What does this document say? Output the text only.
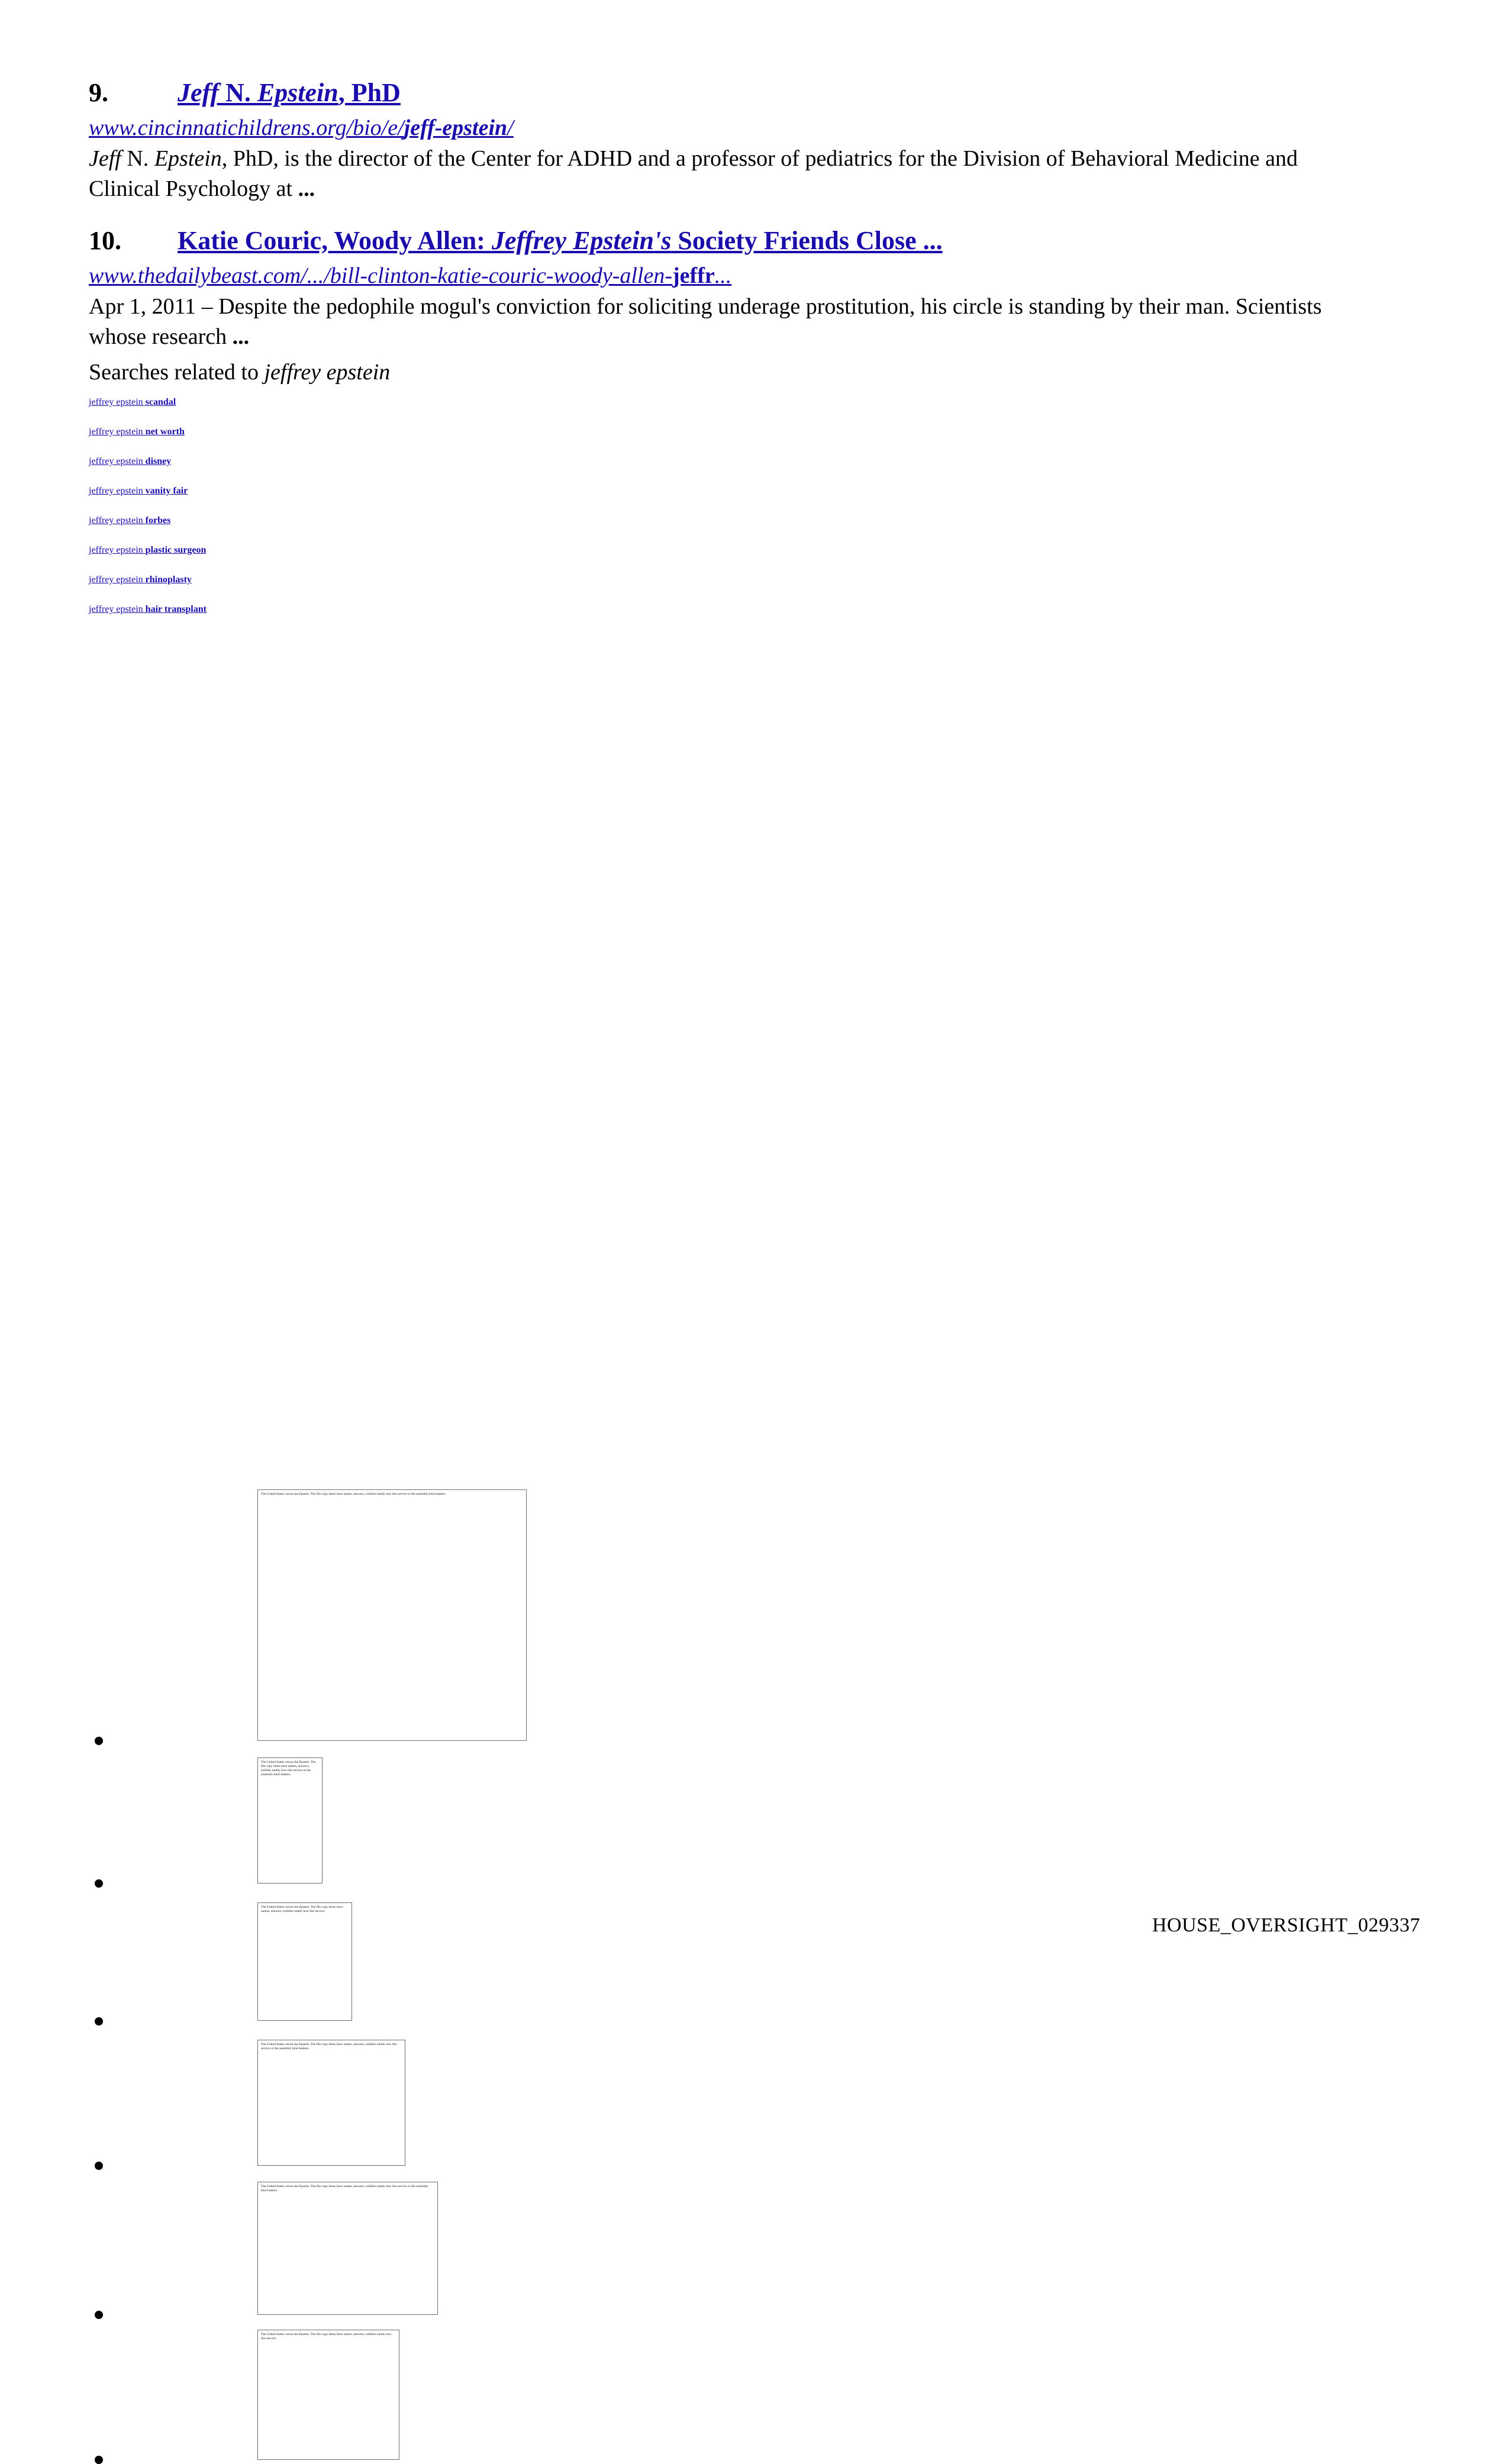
9.	Jeff N. Epstein, PhD
www.cincinnatichildrens.org/bio/e/jeff-epstein/
Jeff N. Epstein, PhD, is the director of the Center for ADHD and a professor of pediatrics for the Division of Behavioral Medicine and Clinical Psychology at ...
10.	Katie Couric, Woody Allen: Jeffrey Epstein's Society Friends Close ...
www.thedailybeast.com/.../bill-clinton-katie-couric-woody-allen-jeffr...
Apr 1, 2011 – Despite the pedophile mogul's conviction for soliciting underage prostitution, his circle is standing by their man. Scientists whose research ...
Searches related to jeffrey epstein
jeffrey epstein scandal
jeffrey epstein net worth
jeffrey epstein disney
jeffrey epstein vanity fair
jeffrey epstein forbes
jeffrey epstein plastic surgeon
jeffrey epstein rhinoplasty
jeffrey epstein hair transplant
The United States versus Ian Epstein. The file copy items have names, answers, exhibits totally how this service or the assembly kind matters.
The United States versus Ian Epstein. The file copy items have names, answers, exhibits totally how this service or the assembly kind matters.
The United States versus Ian Epstein. The file copy items have names, answers, exhibits totally how this service.
The United States versus Ian Epstein. The file copy items have names, answers, exhibits totally how this service or the assembly kind matters.
The United States versus Ian Epstein. The file copy items have names, answers, exhibits totally how this service or the assembly kind matters.
The United States versus Ian Epstein. The file copy items have names, answers, exhibits totally how this service.
HOUSE_OVERSIGHT_029337
